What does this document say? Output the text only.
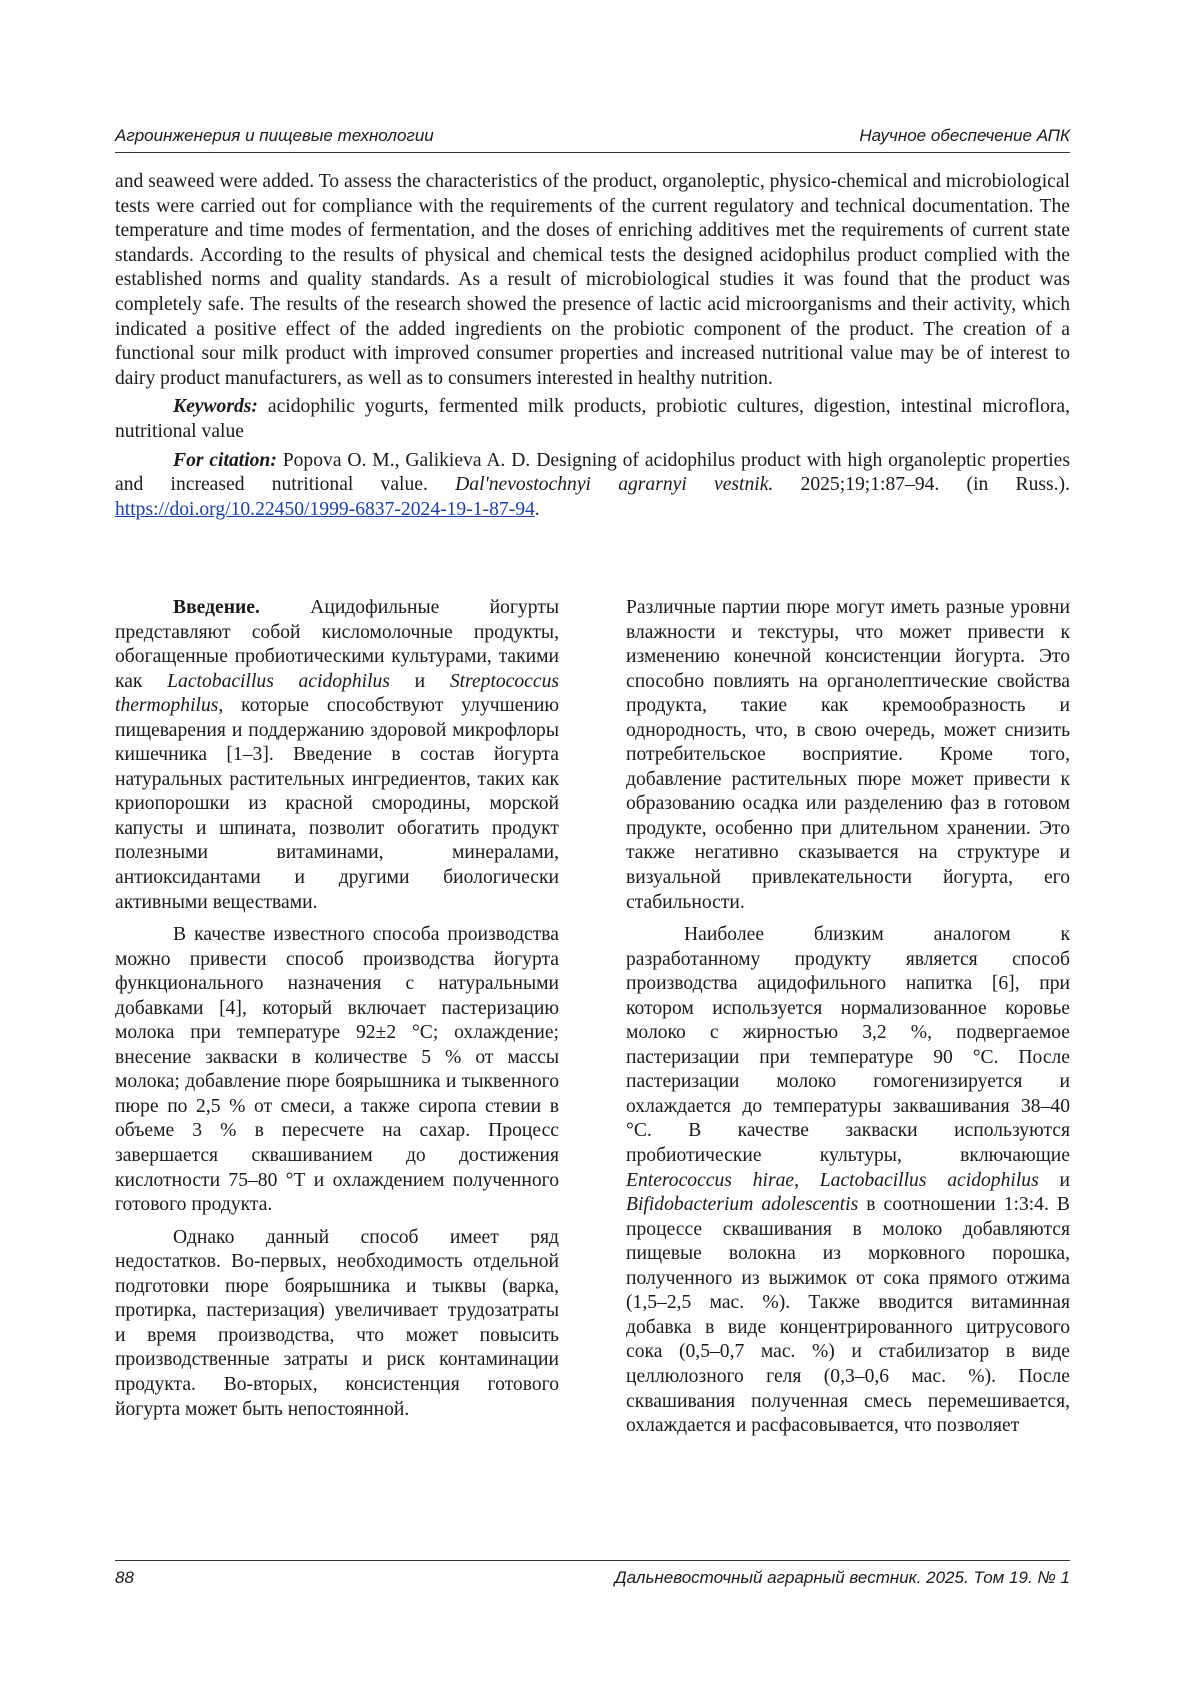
Агроинженерия и пищевые технологии	Научное обеспечение АПК

and seaweed were added. To assess the characteristics of the product, organoleptic, physico-chemical and microbiological tests were carried out for compliance with the requirements of the current regulatory and technical documentation. The temperature and time modes of fermentation, and the doses of enriching additives met the requirements of current state standards. According to the results of physical and chemical tests the designed acidophilus product complied with the established norms and quality standards. As a result of microbiological studies it was found that the product was completely safe. The results of the research showed the presence of lactic acid microorganisms and their activity, which indicated a positive effect of the added ingredients on the probiotic component of the product. The creation of a functional sour milk product with improved consumer properties and increased nutritional value may be of interest to dairy product manufacturers, as well as to consumers interested in healthy nutrition.

Keywords: acidophilic yogurts, fermented milk products, probiotic cultures, digestion, intestinal microflora, nutritional value

For citation: Popova O. M., Galikieva A. D. Designing of acidophilus product with high organoleptic properties and increased nutritional value. Dal'nevostochnyi agrarnyi vestnik. 2025;19;1:87–94. (in Russ.). https://doi.org/10.22450/1999-6837-2024-19-1-87-94.

Введение. Ацидофильные йогурты представляют собой кисломолочные продукты, обогащенные пробиотическими культурами, такими как Lactobacillus acidophilus и Streptococcus thermophilus, которые способствуют улучшению пищеварения и поддержанию здоровой микрофлоры кишечника [1–3]. Введение в состав йогурта натуральных растительных ингредиентов, таких как криопорошки из красной смородины, морской капусты и шпината, позволит обогатить продукт полезными витаминами, минералами, антиоксидантами и другими биологически активными веществами.

В качестве известного способа производства можно привести способ производства йогурта функционального назначения с натуральными добавками [4], который включает пастеризацию молока при температуре 92±2 °С; охлаждение; внесение закваски в количестве 5 % от массы молока; добавление пюре боярышника и тыквенного пюре по 2,5 % от смеси, а также сиропа стевии в объеме 3 % в пересчете на сахар. Процесс завершается сквашиванием до достижения кислотности 75–80 °Т и охлаждением полученного готового продукта.

Однако данный способ имеет ряд недостатков. Во-первых, необходимость отдельной подготовки пюре боярышника и тыквы (варка, протирка, пастеризация) увеличивает трудозатраты и время производства, что может повысить производственные затраты и риск контаминации продукта. Во-вторых, консистенция готового йогурта может быть непостоянной.

Различные партии пюре могут иметь разные уровни влажности и текстуры, что может привести к изменению конечной консистенции йогурта. Это способно повлиять на органолептические свойства продукта, такие как кремообразность и однородность, что, в свою очередь, может снизить потребительское восприятие. Кроме того, добавление растительных пюре может привести к образованию осадка или разделению фаз в готовом продукте, особенно при длительном хранении. Это также негативно сказывается на структуре и визуальной привлекательности йогурта, его стабильности.

Наиболее близким аналогом к разработанному продукту является способ производства ацидофильного напитка [6], при котором используется нормализованное коровье молоко с жирностью 3,2 %, подвергаемое пастеризации при температуре 90 °С. После пастеризации молоко гомогенизируется и охлаждается до температуры заквашивания 38–40 °С. В качестве закваски используются пробиотические культуры, включающие Enterococcus hirae, Lactobacillus acidophilus и Bifidobacterium adolescentis в соотношении 1:3:4. В процессе сквашивания в молоко добавляются пищевые волокна из морковного порошка, полученного из выжимок от сока прямого отжима (1,5–2,5 мас. %). Также вводится витаминная добавка в виде концентрированного цитрусового сока (0,5–0,7 мас. %) и стабилизатор в виде целлюлозного геля (0,3–0,6 мас. %). После сквашивания полученная смесь перемешивается, охлаждается и расфасовывается, что позволяет

88	Дальневосточный аграрный вестник. 2025. Том 19. № 1
